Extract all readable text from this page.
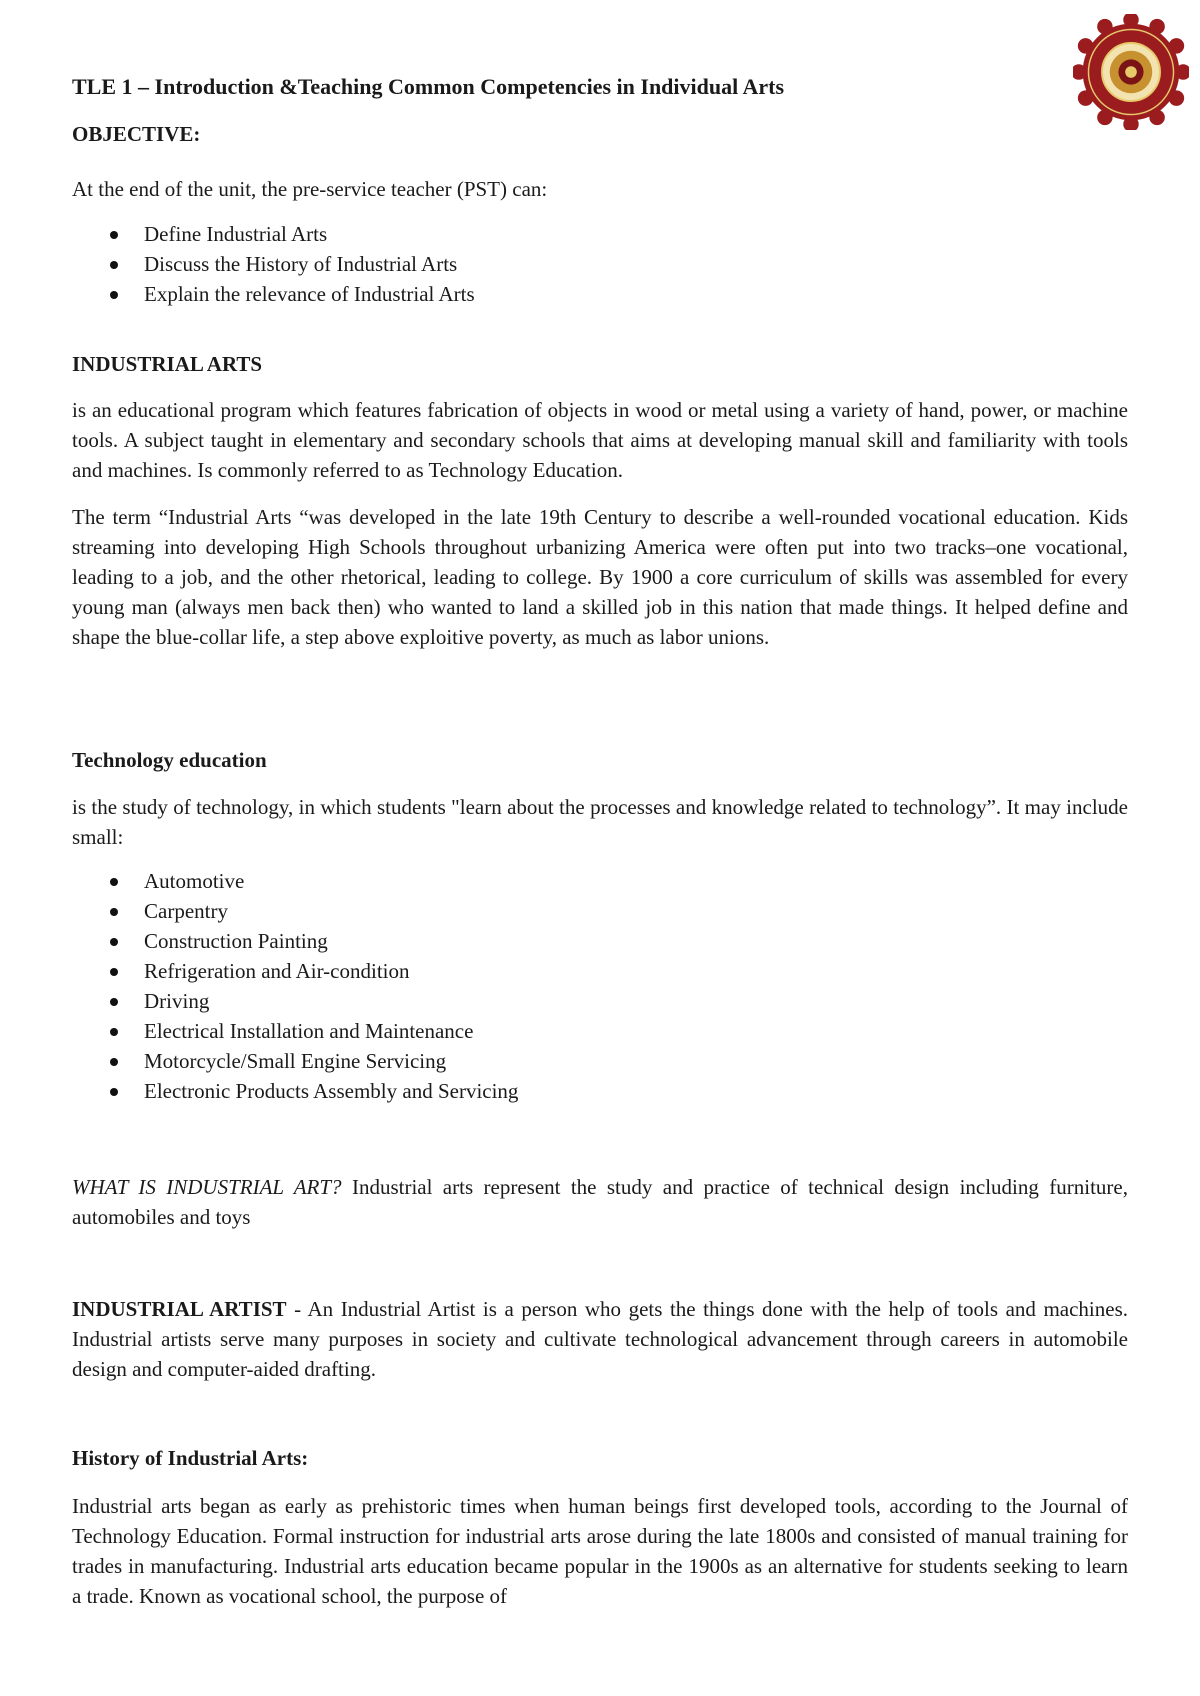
TLE 1 – Introduction &Teaching Common Competencies in Individual Arts

OBJECTIVE:

At the end of the unit, the pre-service teacher (PST) can:

Define Industrial Arts
Discuss the History of Industrial Arts
Explain the relevance of Industrial Arts

INDUSTRIAL ARTS

is an educational program which features fabrication of objects in wood or metal using a variety of hand, power, or machine tools. A subject taught in elementary and secondary schools that aims at developing manual skill and familiarity with tools and machines. Is commonly referred to as Technology Education.

The term “Industrial Arts “was developed in the late 19th Century to describe a well-rounded vocational education. Kids streaming into developing High Schools throughout urbanizing America were often put into two tracks–one vocational, leading to a job, and the other rhetorical, leading to college. By 1900 a core curriculum of skills was assembled for every young man (always men back then) who wanted to land a skilled job in this nation that made things. It helped define and shape the blue-collar life, a step above exploitive poverty, as much as labor unions.

Technology education

is the study of technology, in which students "learn about the processes and knowledge related to technology”. It may include small:

Automotive
Carpentry
Construction Painting
Refrigeration and Air-condition
Driving
Electrical Installation and Maintenance
Motorcycle/Small Engine Servicing
Electronic Products Assembly and Servicing

WHAT IS INDUSTRIAL ART? Industrial arts represent the study and practice of technical design including furniture, automobiles and toys

INDUSTRIAL ARTIST - An Industrial Artist is a person who gets the things done with the help of tools and machines. Industrial artists serve many purposes in society and cultivate technological advancement through careers in automobile design and computer-aided drafting.

History of Industrial Arts:

Industrial arts began as early as prehistoric times when human beings first developed tools, according to the Journal of Technology Education. Formal instruction for industrial arts arose during the late 1800s and consisted of manual training for trades in manufacturing. Industrial arts education became popular in the 1900s as an alternative for students seeking to learn a trade. Known as vocational school, the purpose of
